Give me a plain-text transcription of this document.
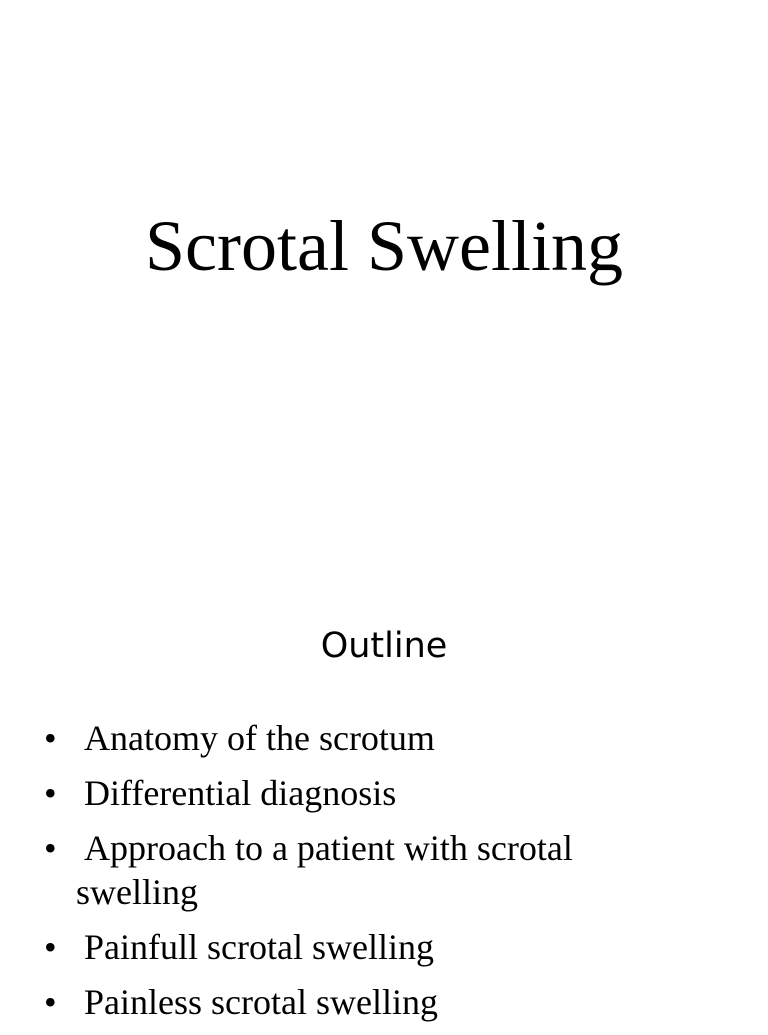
Scrotal Swelling
Outline
• Anatomy of the scrotum
• Differential diagnosis
• Approach to a patient with scrotal
swelling
• Painfull scrotal swelling
• Painless scrotal swelling
